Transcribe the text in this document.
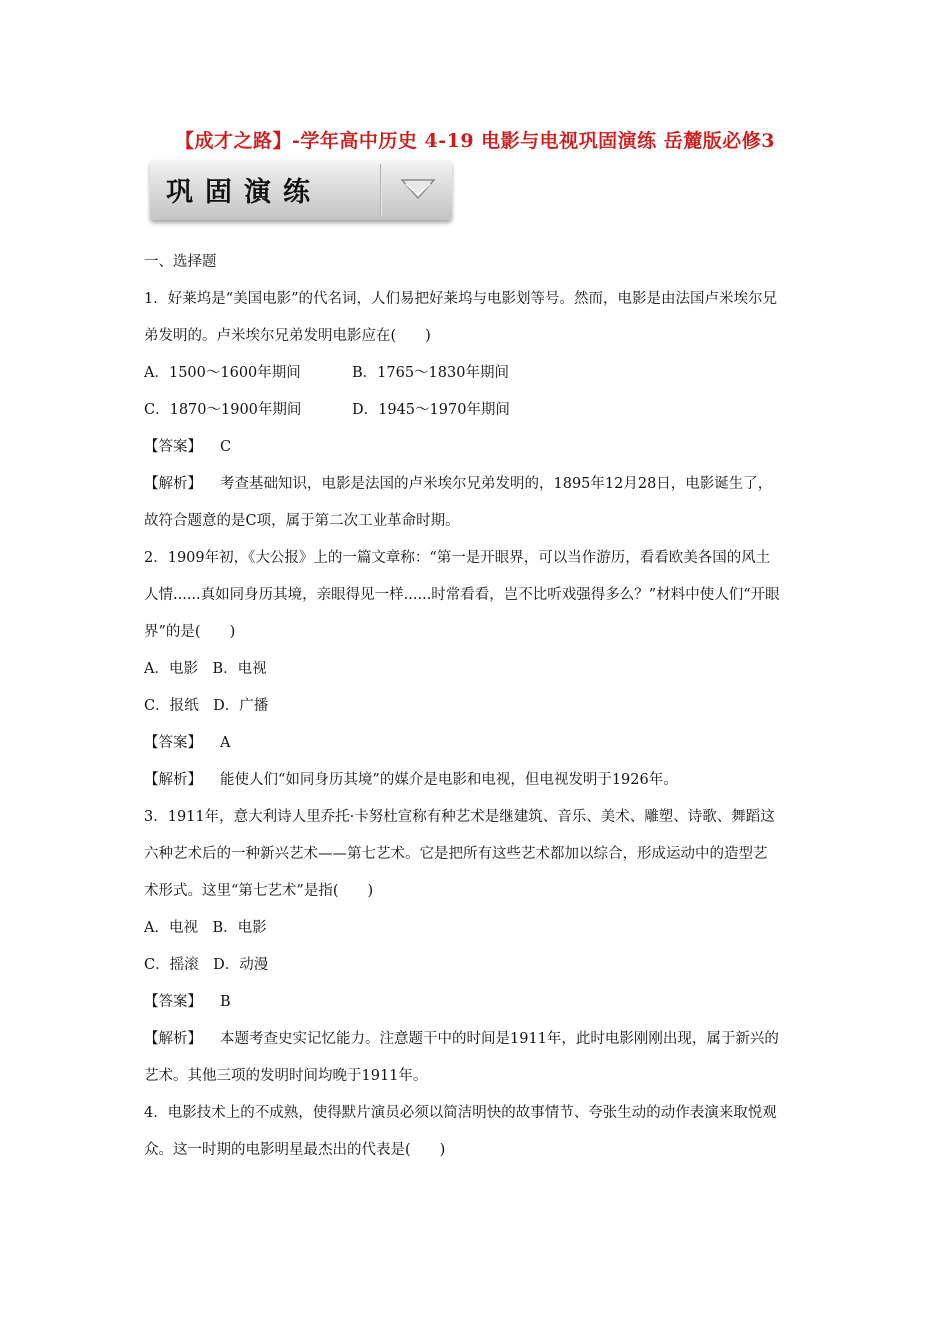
【成才之路】-学年高中历史 4-19 电影与电视巩固演练 岳麓版必修3
巩固演练
一、选择题
1．好莱坞是“美国电影”的代名词，人们易把好莱坞与电影划等号。然而，电影是由法国卢米埃尔兄
弟发明的。卢米埃尔兄弟发明电影应在(　　)
A．1500～1600年期间	B．1765～1830年期间
C．1870～1900年期间	D．1945～1970年期间
【答案】 C
【解析】 考查基础知识，电影是法国的卢米埃尔兄弟发明的，1895年12月28日，电影诞生了，
故符合题意的是C项，属于第二次工业革命时期。
2．1909年初，《大公报》上的一篇文章称：“第一是开眼界，可以当作游历，看看欧美各国的风土
人情......真如同身历其境，亲眼得见一样......时常看看，岂不比听戏强得多么？”材料中使人们“开眼
界”的是(　　)
A．电影　B．电视
C．报纸　D．广播
【答案】 A
【解析】 能使人们“如同身历其境”的媒介是电影和电视，但电视发明于1926年。
3．1911年，意大利诗人里乔托·卡努杜宣称有种艺术是继建筑、音乐、美术、雕塑、诗歌、舞蹈这
六种艺术后的一种新兴艺术——第七艺术。它是把所有这些艺术都加以综合，形成运动中的造型艺
术形式。这里“第七艺术”是指(　　)
A．电视　B．电影
C．摇滚　D．动漫
【答案】 B
【解析】 本题考查史实记忆能力。注意题干中的时间是1911年，此时电影刚刚出现，属于新兴的
艺术。其他三项的发明时间均晚于1911年。
4．电影技术上的不成熟，使得默片演员必须以简洁明快的故事情节、夸张生动的动作表演来取悦观
众。这一时期的电影明星最杰出的代表是(　　)
